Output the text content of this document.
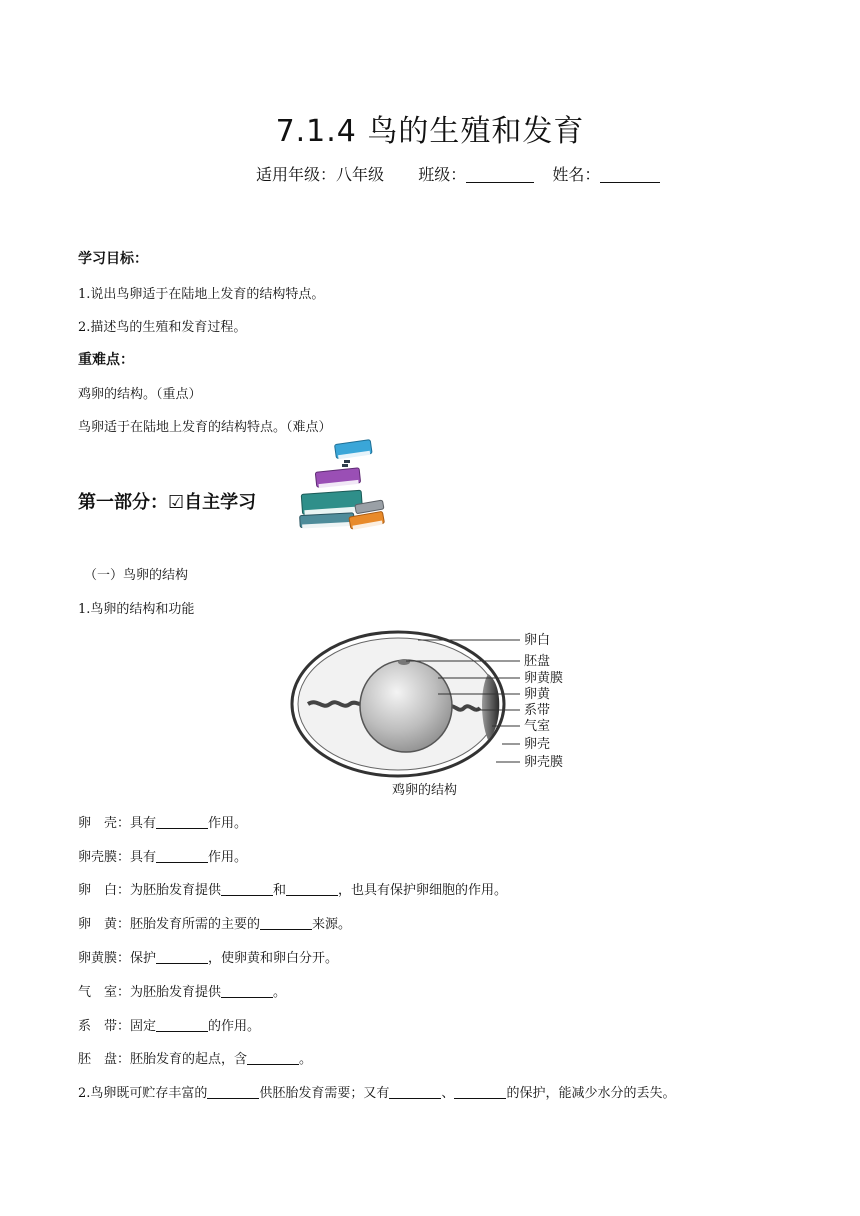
7.1.4 鸟的生殖和发育
适用年级：八年级 班级：	姓名：
学习目标：
1.说出鸟卵适于在陆地上发育的结构特点。
2.描述鸟的生殖和发育过程。
重难点：
鸡卵的结构。（重点）
鸟卵适于在陆地上发育的结构特点。（难点）
第一部分：☑自主学习
（一）鸟卵的结构
1.鸟卵的结构和功能
卵白
胚盘
卵黄膜
卵黄
系带
气室
卵壳
卵壳膜
鸡卵的结构
卵　壳：具有	作用。
卵壳膜：具有	作用。
卵　白：为胚胎发育提供	和	，也具有保护卵细胞的作用。
卵　黄：胚胎发育所需的主要的	来源。
卵黄膜：保护	，使卵黄和卵白分开。
气　室：为胚胎发育提供	。
系　带：固定	的作用。
胚　盘：胚胎发育的起点，含	。
2.鸟卵既可贮存丰富的	供胚胎发育需要；又有	、	的保护，能减少水分的丢失。
